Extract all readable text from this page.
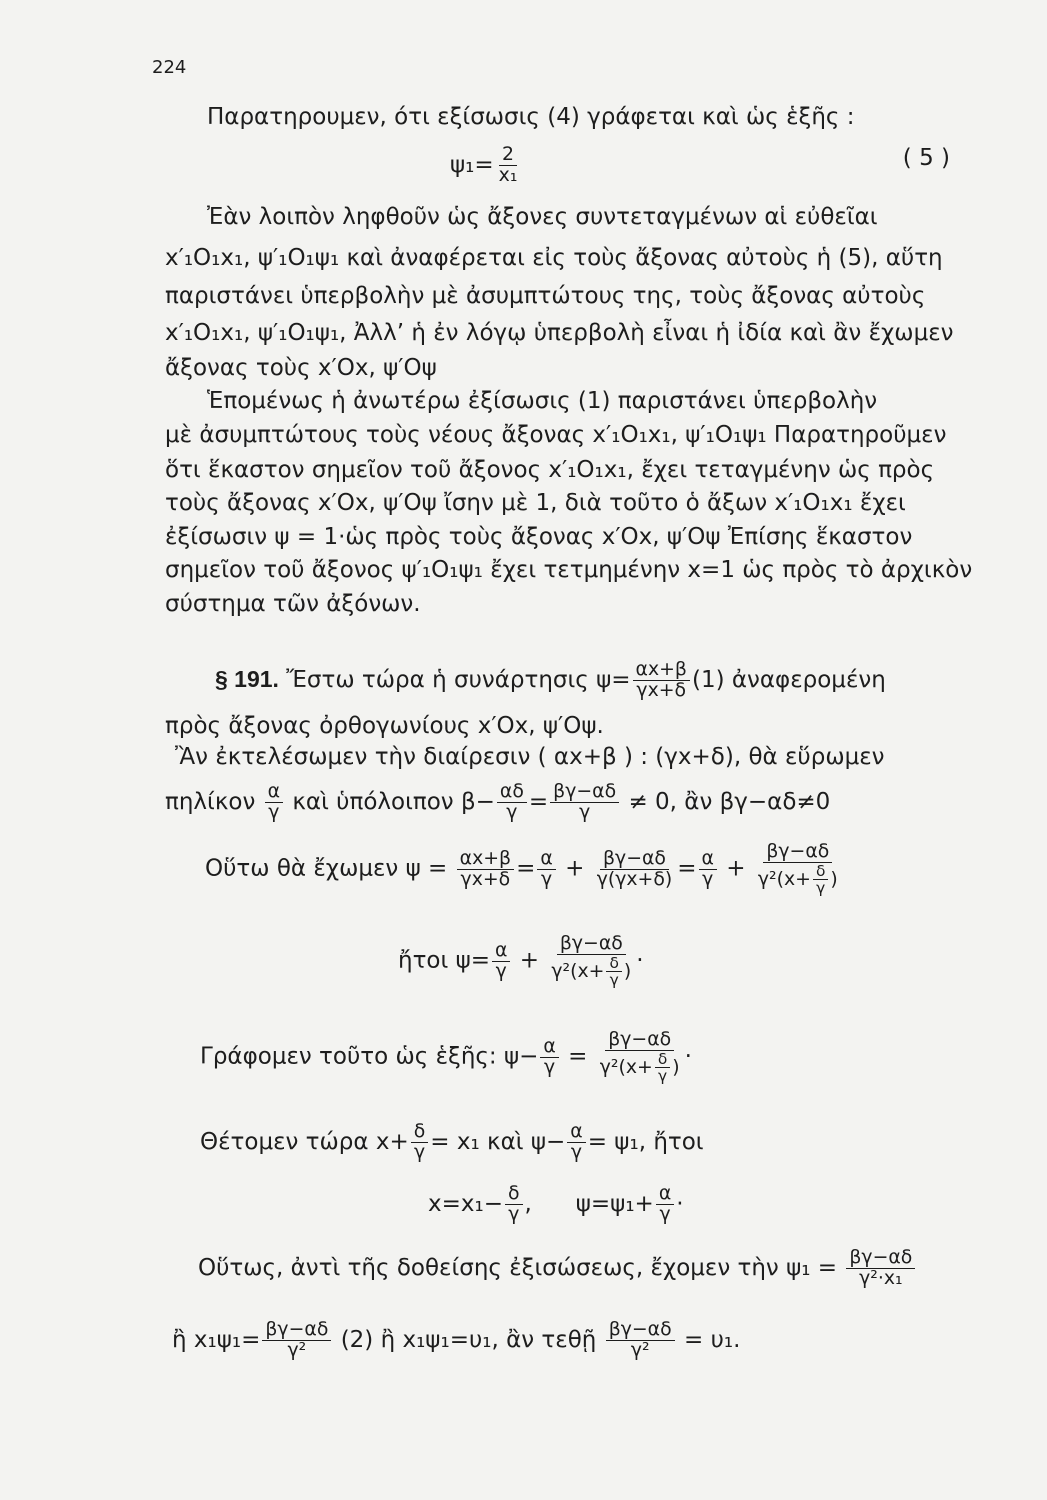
224
Παρατηρουμεν, ότι εξίσωσις (4) γράφεται καὶ ὡς ἑξῆς :
$\psi_1= \frac{2}{\text{x₁}}$	( 5 )
Ἐὰν λοιπὸν ληφθοῦν ὡς ἄξονες συντεταγμένων αἱ εὐθεῖαι
x′₁O₁x₁, ψ′₁O₁ψ₁ καὶ ἀναφέρεται εἰς τοὺς ἄξονας αὐτοὺς ἡ (5), αὕτη
παριστάνει ὑπερβολὴν μὲ ἀσυμπτώτους της, τοὺς ἄξονας αὐτοὺς
x′₁O₁x₁, ψ′₁O₁ψ₁, Ἀλλ’ ἡ ἐν λόγῳ ὑπερβολὴ εἶναι ἡ ἰδία καὶ ἂν ἔχωμεν
ἄξονας τοὺς x′Ox, ψ′Oψ
Ἑπομένως ἡ ἀνωτέρω ἐξίσωσις (1) παριστάνει ὑπερβολὴν
μὲ ἀσυμπτώτους τοὺς νέους ἄξονας x′₁O₁x₁, ψ′₁O₁ψ₁ Παρατηροῦμεν
ὅτι ἕκαστον σημεῖον τοῦ ἄξονος x′₁O₁x₁, ἔχει τεταγμένην ὡς πρὸς
τοὺς ἄξονας x′Ox, ψ′Oψ ἴσην μὲ 1, διὰ τοῦτο ὁ ἄξων x′₁O₁x₁ ἔχει
ἐξίσωσιν ψ = 1·ὡς πρὸς τοὺς ἄξονας x′Ox, ψ′Oψ Ἐπίσης ἕκαστον
σημεῖον τοῦ ἄξονος ψ′₁O₁ψ₁ ἔχει τετμημένην x=1 ὡς πρὸς τὸ ἀρχικὸν
σύστημα τῶν ἀξόνων.
§ 191. Ἔστω τώρα ἡ συνάρτησις $\psi= \frac{\alpha x+\beta}{\gamma x+\delta} (1)$ ἀναφερομένη
πρὸς ἄξονας ὀρθογωνίους x′Ox, ψ′Oψ.
Ἂν ἐκτελέσωμεν τὴν διαίρεσιν ( αx+β ) : (γx+δ), θὰ εὕρωμεν
πηλίκον $\frac{\alpha}{\gamma}$ καὶ ὑπόλοιπον $\beta- \frac{\alpha\delta}{\gamma} = \frac{\beta\gamma-\alpha\delta}{\gamma} \ne 0$, ἂν βγ−αδ≠0
Οὕτω θὰ ἔχωμεν $\psi = \frac{\alpha x+\beta}{\gamma x+\delta} = \frac{\alpha}{\gamma} + \frac{\beta\gamma-\alpha\delta}{\gamma(\gamma x+\delta)} = \frac{\alpha}{\gamma} + \frac{\beta\gamma-\alpha\delta}{\gamma^2(x+ \frac{\delta}{\gamma} )}$
ἤτοι $\psi= \frac{\alpha}{\gamma} + \frac{\beta\gamma-\alpha\delta}{\gamma^2(x+ \frac{\delta}{\gamma} )}$ ·
Γράφομεν τοῦτο ὡς ἑξῆς: $\psi- \frac{\alpha}{\gamma} = \frac{\beta\gamma-\alpha\delta}{\gamma^2(x+ \frac{\delta}{\gamma} )}$ ·
Θέτομεν τώρα $x+ \frac{\delta}{\gamma} = x_1$ καὶ $\psi- \frac{\alpha}{\gamma} = \psi_1$, ἤτοι
$x=x_1- \frac{\delta}{\gamma}$ ,      $\psi=\psi_1+ \frac{\alpha}{\gamma}$ ·
Οὕτως, ἀντὶ τῆς δοθείσης ἐξισώσεως, ἔχομεν τὴν $\psi_1 = \frac{\beta\gamma-\alpha\delta}{\text{γ²·x₁}}$
ἢ $x_1\psi_1= \frac{\beta\gamma-\alpha\delta}{\text{γ²}} (2)$ ἢ x₁ψ₁=υ₁, ἂν τεθῇ $\frac{\beta\gamma-\alpha\delta}{\text{γ²}} = \upsilon_1$.
